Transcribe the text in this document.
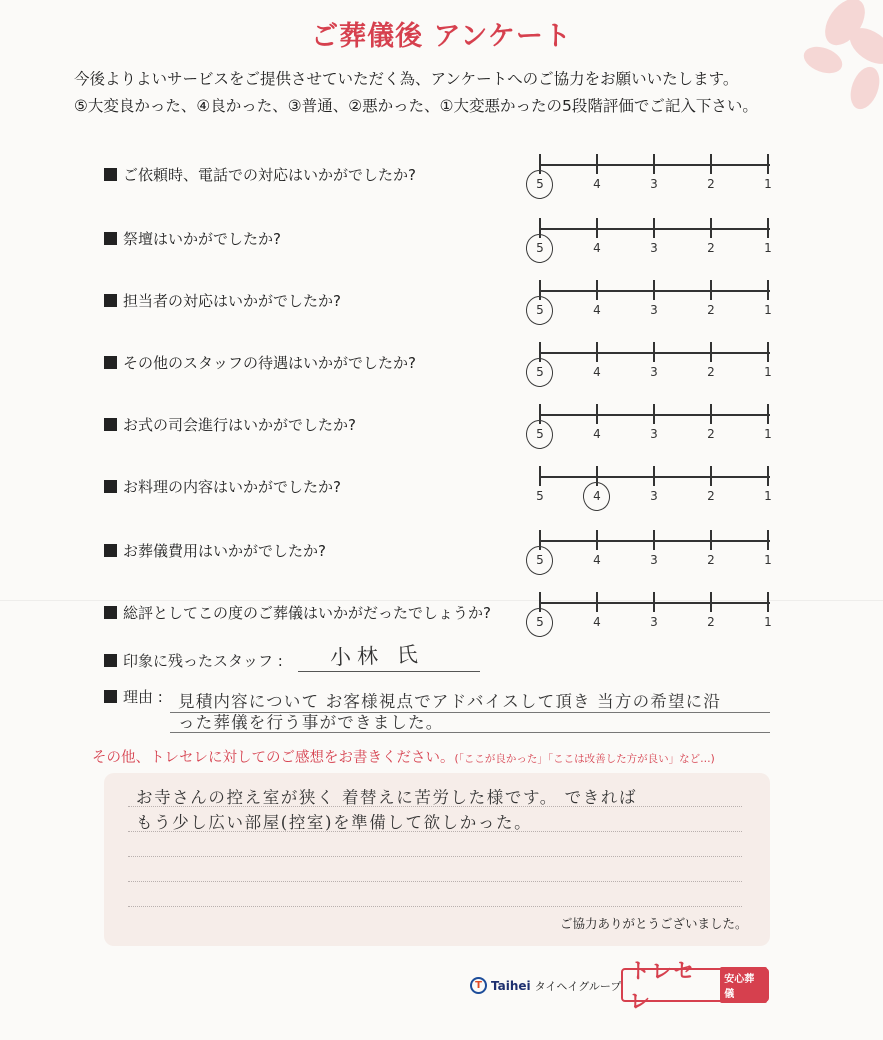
ご葬儀後 アンケート
今後よりよいサービスをご提供させていただく為、アンケートへのご協力をお願いいたします。
⑤大変良かった、④良かった、③普通、②悪かった、①大変悪かったの5段階評価でご記入下さい。
ご依頼時、電話での対応はいかがでしたか?	5	4	3	2	1
祭壇はいかがでしたか?	5	4	3	2	1
担当者の対応はいかがでしたか?	5	4	3	2	1
その他のスタッフの待遇はいかがでしたか?	5	4	3	2	1
お式の司会進行はいかがでしたか?	5	4	3	2	1
お料理の内容はいかがでしたか?	5	4	3	2	1
お葬儀費用はいかがでしたか?	5	4	3	2	1
総評としてこの度のご葬儀はいかがだったでしょうか?	5	4	3	2	1
印象に残ったスタッフ : 小林 氏
理由 : 見積内容について お客様視点でアドバイスして頂き 当方の希望に沿
った葬儀を行う事ができました。
その他、トレセレに対してのご感想をお書きください。(「ここが良かった」「ここは改善した方が良い」など…)
お寺さんの控え室が狭く 着替えに苦労した様です。 できれば
もう少し広い部屋(控室)を準備して欲しかった。
ご協力ありがとうございました。
T Taihei タイヘイグループ
トレセレ
安心葬儀
